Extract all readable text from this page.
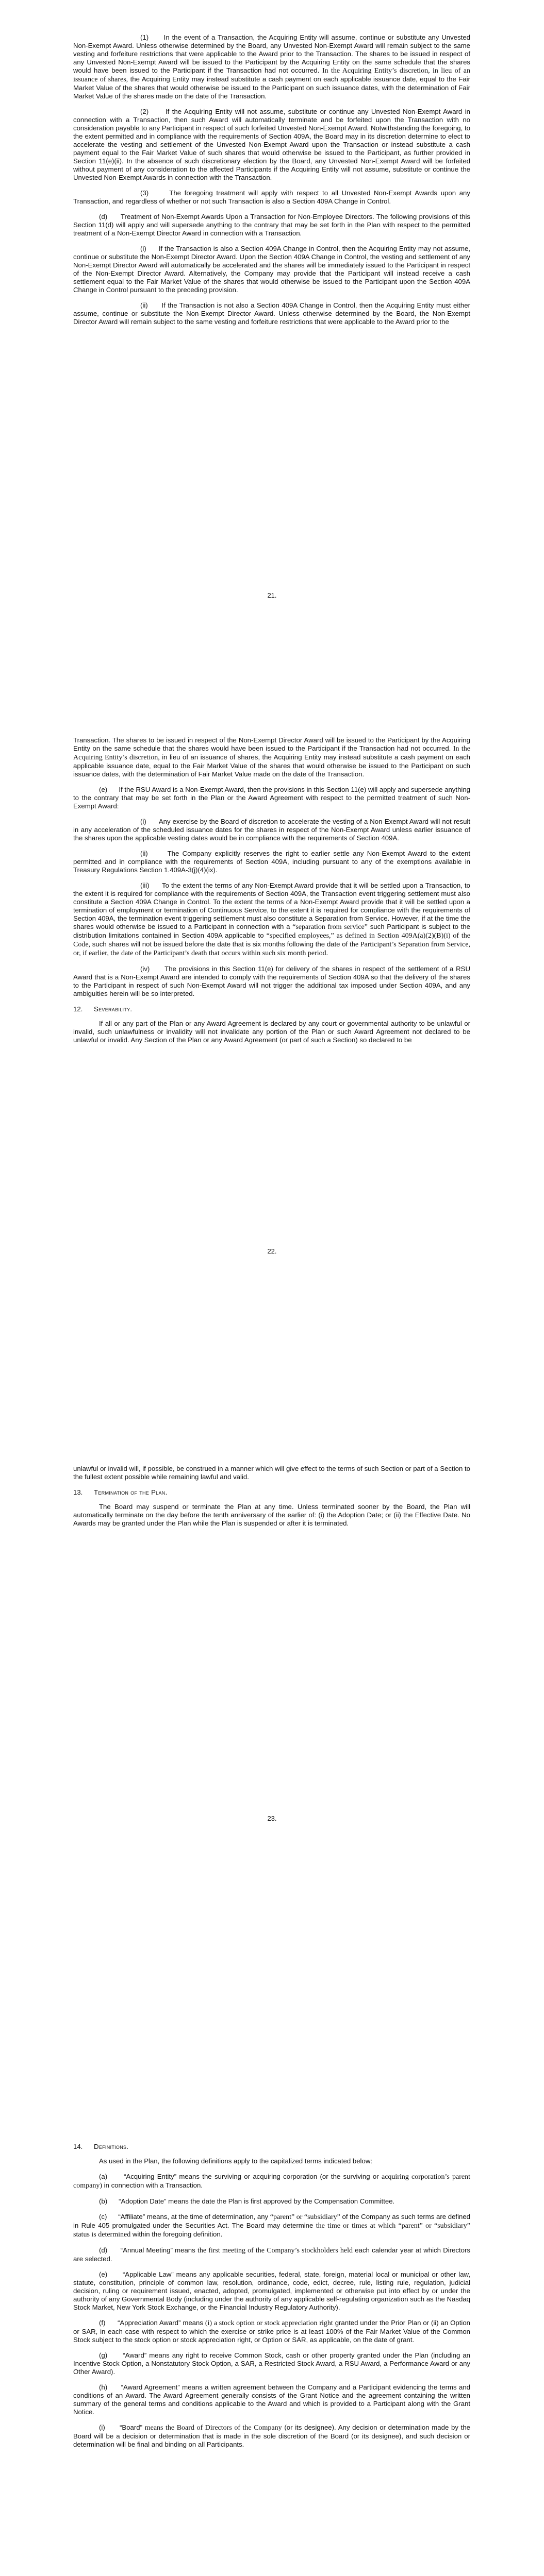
(1)      In the event of a Transaction, the Acquiring Entity will assume, continue or substitute any Unvested Non-Exempt Award. Unless otherwise determined by the Board, any Unvested Non-Exempt Award will remain subject to the same vesting and forfeiture restrictions that were applicable to the Award prior to the Transaction. The shares to be issued in respect of any Unvested Non-Exempt Award will be issued to the Participant by the Acquiring Entity on the same schedule that the shares would have been issued to the Participant if the Transaction had not occurred. In the Acquiring Entity’s discretion, in lieu of an issuance of shares, the Acquiring Entity may instead substitute a cash payment on each applicable issuance date, equal to the Fair Market Value of the shares that would otherwise be issued to the Participant on such issuance dates, with the determination of Fair Market Value of the shares made on the date of the Transaction.

(2)      If the Acquiring Entity will not assume, substitute or continue any Unvested Non-Exempt Award in connection with a Transaction, then such Award will automatically terminate and be forfeited upon the Transaction with no consideration payable to any Participant in respect of such forfeited Unvested Non-Exempt Award. Notwithstanding the foregoing, to the extent permitted and in compliance with the requirements of Section 409A, the Board may in its discretion determine to elect to accelerate the vesting and settlement of the Unvested Non-Exempt Award upon the Transaction or instead substitute a cash payment equal to the Fair Market Value of such shares that would otherwise be issued to the Participant, as further provided in Section 11(e)(ii). In the absence of such discretionary election by the Board, any Unvested Non-Exempt Award will be forfeited without payment of any consideration to the affected Participants if the Acquiring Entity will not assume, substitute or continue the Unvested Non-Exempt Awards in connection with the Transaction.

(3)      The foregoing treatment will apply with respect to all Unvested Non-Exempt Awards upon any Transaction, and regardless of whether or not such Transaction is also a Section 409A Change in Control.

(d)      Treatment of Non-Exempt Awards Upon a Transaction for Non-Employee Directors. The following provisions of this Section 11(d) will apply and will supersede anything to the contrary that may be set forth in the Plan with respect to the permitted treatment of a Non-Exempt Director Award in connection with a Transaction.

(i)      If the Transaction is also a Section 409A Change in Control, then the Acquiring Entity may not assume, continue or substitute the Non-Exempt Director Award. Upon the Section 409A Change in Control, the vesting and settlement of any Non-Exempt Director Award will automatically be accelerated and the shares will be immediately issued to the Participant in respect of the Non-Exempt Director Award. Alternatively, the Company may provide that the Participant will instead receive a cash settlement equal to the Fair Market Value of the shares that would otherwise be issued to the Participant upon the Section 409A Change in Control pursuant to the preceding provision.

(ii)      If the Transaction is not also a Section 409A Change in Control, then the Acquiring Entity must either assume, continue or substitute the Non-Exempt Director Award. Unless otherwise determined by the Board, the Non-Exempt Director Award will remain subject to the same vesting and forfeiture restrictions that were applicable to the Award prior to the

21.

Transaction. The shares to be issued in respect of the Non-Exempt Director Award will be issued to the Participant by the Acquiring Entity on the same schedule that the shares would have been issued to the Participant if the Transaction had not occurred. In the Acquiring Entity’s discretion, in lieu of an issuance of shares, the Acquiring Entity may instead substitute a cash payment on each applicable issuance date, equal to the Fair Market Value of the shares that would otherwise be issued to the Participant on such issuance dates, with the determination of Fair Market Value made on the date of the Transaction.

(e)      If the RSU Award is a Non-Exempt Award, then the provisions in this Section 11(e) will apply and supersede anything to the contrary that may be set forth in the Plan or the Award Agreement with respect to the permitted treatment of such Non-Exempt Award:

(i)      Any exercise by the Board of discretion to accelerate the vesting of a Non-Exempt Award will not result in any acceleration of the scheduled issuance dates for the shares in respect of the Non-Exempt Award unless earlier issuance of the shares upon the applicable vesting dates would be in compliance with the requirements of Section 409A.

(ii)      The Company explicitly reserves the right to earlier settle any Non-Exempt Award to the extent permitted and in compliance with the requirements of Section 409A, including pursuant to any of the exemptions available in Treasury Regulations Section 1.409A-3(j)(4)(ix).

(iii)      To the extent the terms of any Non-Exempt Award provide that it will be settled upon a Transaction, to the extent it is required for compliance with the requirements of Section 409A, the Transaction event triggering settlement must also constitute a Section 409A Change in Control. To the extent the terms of a Non-Exempt Award provide that it will be settled upon a termination of employment or termination of Continuous Service, to the extent it is required for compliance with the requirements of Section 409A, the termination event triggering settlement must also constitute a Separation from Service. However, if at the time the shares would otherwise be issued to a Participant in connection with a “separation from service” such Participant is subject to the distribution limitations contained in Section 409A applicable to “specified employees,” as defined in Section 409A(a)(2)(B)(i) of the Code, such shares will not be issued before the date that is six months following the date of the Participant’s Separation from Service, or, if earlier, the date of the Participant’s death that occurs within such six month period.

(iv)      The provisions in this Section 11(e) for delivery of the shares in respect of the settlement of a RSU Award that is a Non-Exempt Award are intended to comply with the requirements of Section 409A so that the delivery of the shares to the Participant in respect of such Non-Exempt Award will not trigger the additional tax imposed under Section 409A, and any ambiguities herein will be so interpreted.

12. Severability.

If all or any part of the Plan or any Award Agreement is declared by any court or governmental authority to be unlawful or invalid, such unlawfulness or invalidity will not invalidate any portion of the Plan or such Award Agreement not declared to be unlawful or invalid. Any Section of the Plan or any Award Agreement (or part of such a Section) so declared to be

22.

unlawful or invalid will, if possible, be construed in a manner which will give effect to the terms of such Section or part of a Section to the fullest extent possible while remaining lawful and valid.

13. Termination of the Plan.

The Board may suspend or terminate the Plan at any time. Unless terminated sooner by the Board, the Plan will automatically terminate on the day before the tenth anniversary of the earlier of: (i) the Adoption Date; or (ii) the Effective Date. No Awards may be granted under the Plan while the Plan is suspended or after it is terminated.

23.
14. Definitions.

As used in the Plan, the following definitions apply to the capitalized terms indicated below:

(a)      “Acquiring Entity” means the surviving or acquiring corporation (or the surviving or acquiring corporation’s parent company) in connection with a Transaction.

(b)      “Adoption Date” means the date the Plan is first approved by the Compensation Committee.

(c)      “Affiliate” means, at the time of determination, any “parent” or “subsidiary” of the Company as such terms are defined in Rule 405 promulgated under the Securities Act. The Board may determine the time or times at which “parent” or “subsidiary” status is determined within the foregoing definition.

(d)      “Annual Meeting” means the first meeting of the Company’s stockholders held each calendar year at which Directors are selected.

(e)      “Applicable Law” means any applicable securities, federal, state, foreign, material local or municipal or other law, statute, constitution, principle of common law, resolution, ordinance, code, edict, decree, rule, listing rule, regulation, judicial decision, ruling or requirement issued, enacted, adopted, promulgated, implemented or otherwise put into effect by or under the authority of any Governmental Body (including under the authority of any applicable self-regulating organization such as the Nasdaq Stock Market, New York Stock Exchange, or the Financial Industry Regulatory Authority).

(f)      “Appreciation Award” means (i) a stock option or stock appreciation right granted under the Prior Plan or (ii) an Option or SAR, in each case with respect to which the exercise or strike price is at least 100% of the Fair Market Value of the Common Stock subject to the stock option or stock appreciation right, or Option or SAR, as applicable, on the date of grant.

(g)      “Award” means any right to receive Common Stock, cash or other property granted under the Plan (including an Incentive Stock Option, a Nonstatutory Stock Option, a SAR, a Restricted Stock Award, a RSU Award, a Performance Award or any Other Award).

(h)      “Award Agreement” means a written agreement between the Company and a Participant evidencing the terms and conditions of an Award. The Award Agreement generally consists of the Grant Notice and the agreement containing the written summary of the general terms and conditions applicable to the Award and which is provided to a Participant along with the Grant Notice.

(i)      “Board” means the Board of Directors of the Company (or its designee). Any decision or determination made by the Board will be a decision or determination that is made in the sole discretion of the Board (or its designee), and such decision or determination will be final and binding on all Participants.
